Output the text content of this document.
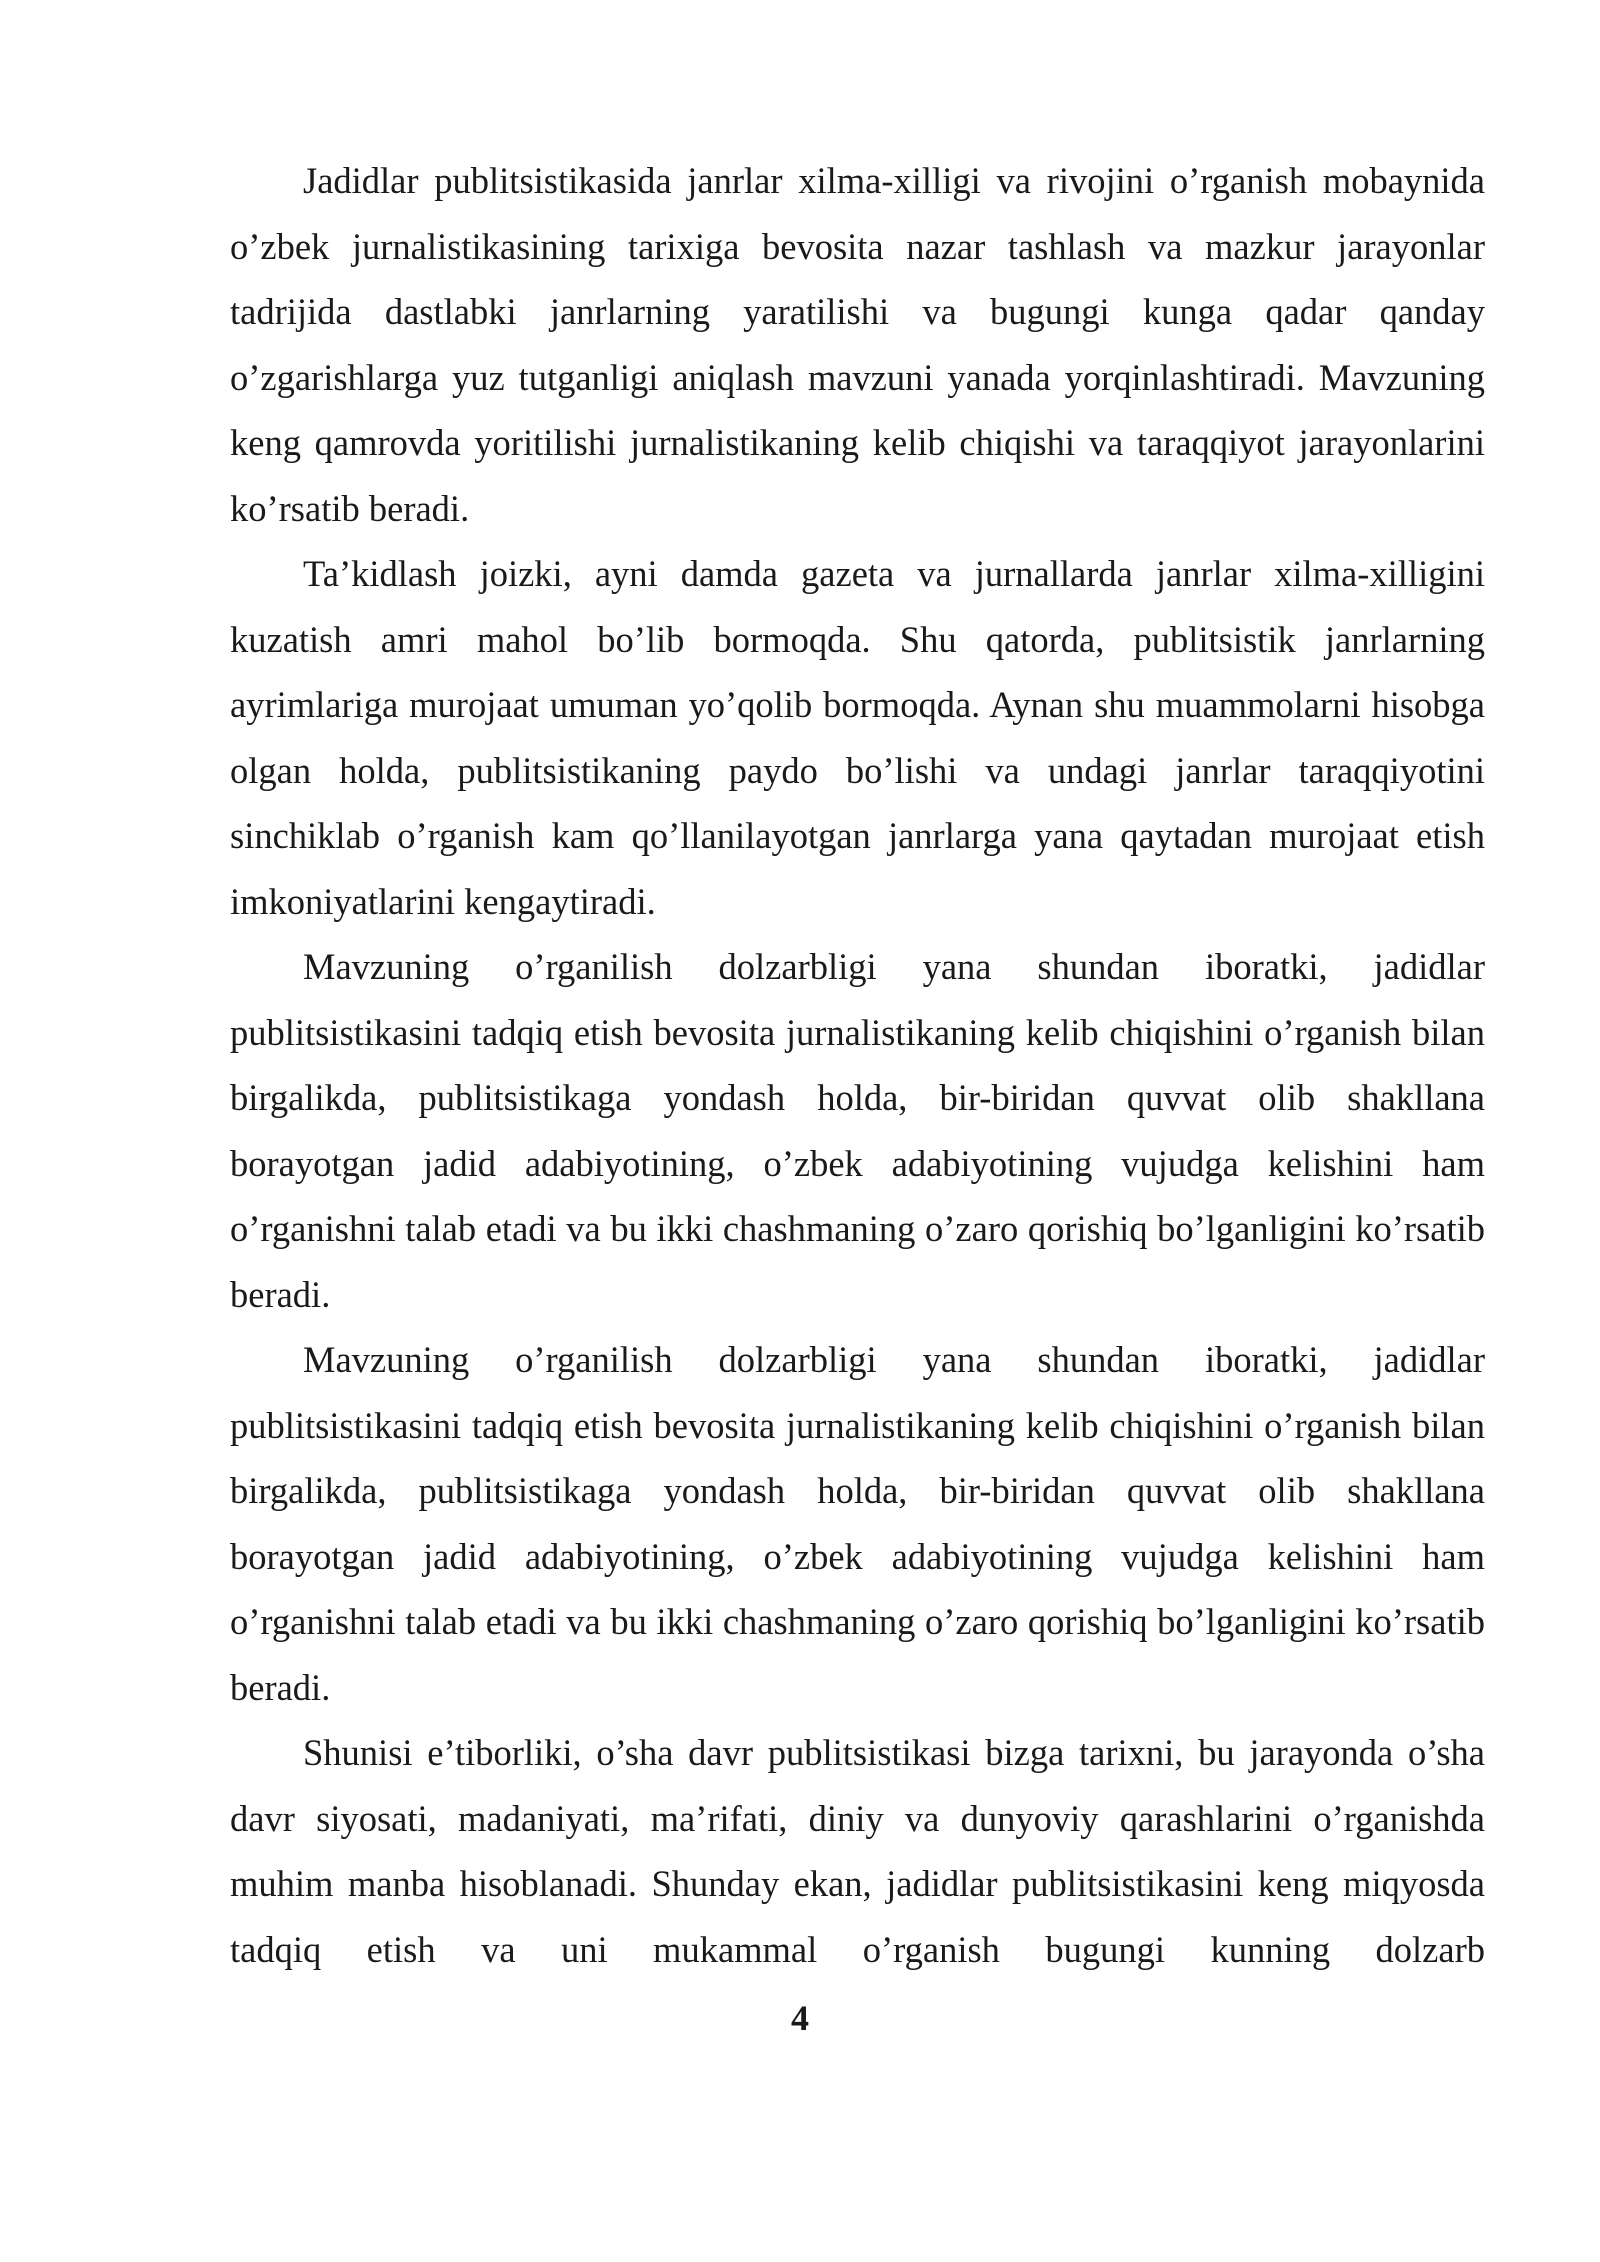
Jadidlar publitsistikasida janrlar xilma-xilligi va rivojini o’rganish mobaynida o’zbek jurnalistikasining tarixiga bevosita nazar tashlash va mazkur jarayonlar tadrijida dastlabki janrlarning yaratilishi va bugungi kunga qadar qanday o’zgarishlarga yuz tutganligi aniqlash mavzuni yanada yorqinlashtiradi. Mavzuning keng qamrovda yoritilishi jurnalistikaning kelib chiqishi va taraqqiyot jarayonlarini ko’rsatib beradi.

Ta’kidlash joizki, ayni damda gazeta va jurnallarda janrlar xilma-xilligini kuzatish amri mahol bo’lib bormoqda. Shu qatorda, publitsistik janrlarning ayrimlariga murojaat umuman yo’qolib bormoqda. Aynan shu muammolarni hisobga olgan holda, publitsistikaning paydo bo’lishi va undagi janrlar taraqqiyotini sinchiklab o’rganish kam qo’llanilayotgan janrlarga yana qaytadan murojaat etish imkoniyatlarini kengaytiradi.

Mavzuning o’rganilish dolzarbligi yana shundan iboratki, jadidlar publitsistikasini tadqiq etish bevosita jurnalistikaning kelib chiqishini o’rganish bilan birgalikda, publitsistikaga yondash holda, bir-biridan quvvat olib shakllana borayotgan jadid adabiyotining, o’zbek adabiyotining vujudga kelishini ham o’rganishni talab etadi va bu ikki chashmaning o’zaro qorishiq bo’lganligini ko’rsatib beradi.

Mavzuning o’rganilish dolzarbligi yana shundan iboratki, jadidlar publitsistikasini tadqiq etish bevosita jurnalistikaning kelib chiqishini o’rganish bilan birgalikda, publitsistikaga yondash holda, bir-biridan quvvat olib shakllana borayotgan jadid adabiyotining, o’zbek adabiyotining vujudga kelishini ham o’rganishni talab etadi va bu ikki chashmaning o’zaro qorishiq bo’lganligini ko’rsatib beradi.

Shunisi e’tiborliki, o’sha davr publitsistikasi bizga tarixni, bu jarayonda o’sha davr siyosati, madaniyati, ma’rifati, diniy va dunyoviy qarashlarini o’rganishda muhim manba hisoblanadi. Shunday ekan, jadidlar publitsistikasini keng miqyosda tadqiq etish va uni mukammal o’rganish bugungi kunning dolzarb

4
